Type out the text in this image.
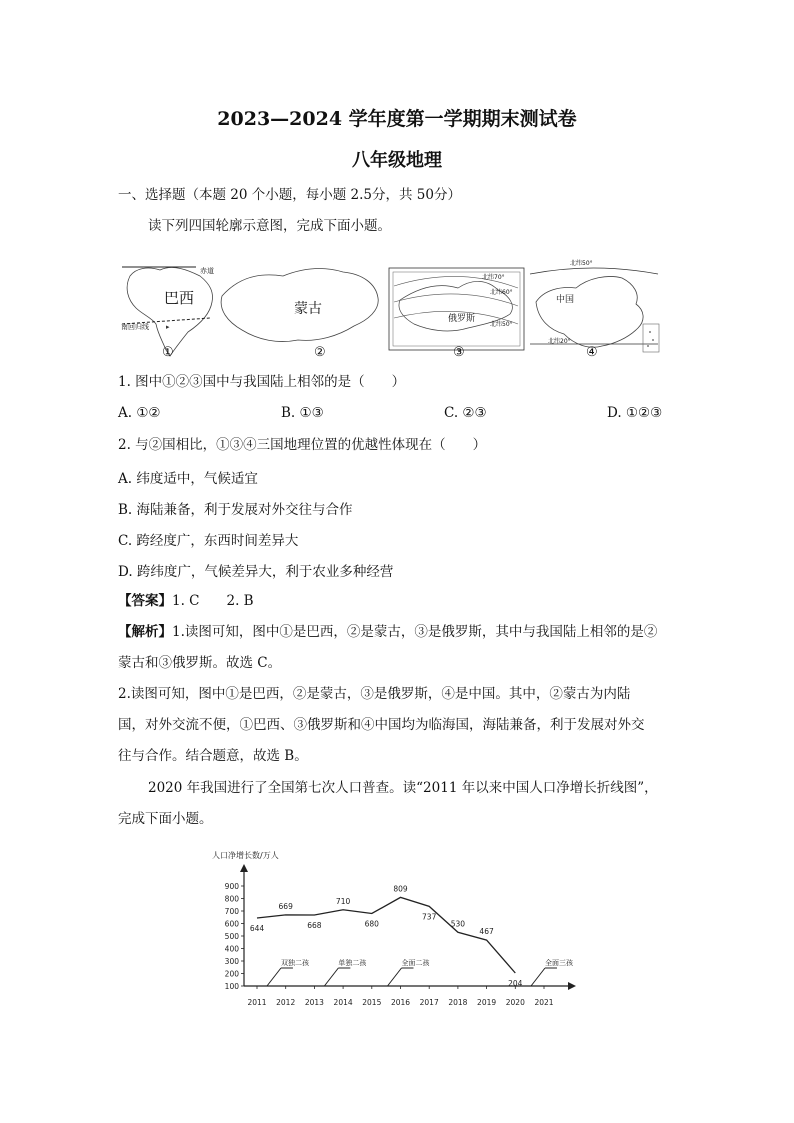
2023—2024 学年度第一学期期末测试卷
八年级地理
一、选择题（本题 20 个小题，每小题 2.5分，共 50分）
读下列四国轮廓示意图，完成下面小题。
▸
赤道
巴西
南回归线
①
蒙古
②
北纬70°
北纬60°
俄罗斯
北纬50°
③
北纬50°
中国
北纬20°
④
1. 图中①②③国中与我国陆上相邻的是（　　）
A. ①②	B. ①③	C. ②③	D. ①②③
2. 与②国相比，①③④三国地理位置的优越性体现在（　　）
A. 纬度适中，气候适宜
B. 海陆兼备，利于发展对外交往与合作
C. 跨经度广，东西时间差异大
D. 跨纬度广，气候差异大，利于农业多种经营
【答案】1. C　　2. B
【解析】1.读图可知，图中①是巴西，②是蒙古，③是俄罗斯，其中与我国陆上相邻的是②
蒙古和③俄罗斯。故选 C。
2.读图可知，图中①是巴西，②是蒙古，③是俄罗斯，④是中国。其中，②蒙古为内陆
国，对外交流不便，①巴西、③俄罗斯和④中国均为临海国，海陆兼备，利于发展对外交
往与合作。结合题意，故选 B。
2020 年我国进行了全国第七次人口普查。读“2011 年以来中国人口净增长折线图”，
完成下面小题。
人口净增长数/万人
100
200
300
400
500
600
700
800
900
2011 2012 2013 2014 2015 2016 2017 2018 2019 2020 2021
644
669
668
710
680
809
737
530
467
204
双独二孩	单独二孩	全面二孩	全面三孩
